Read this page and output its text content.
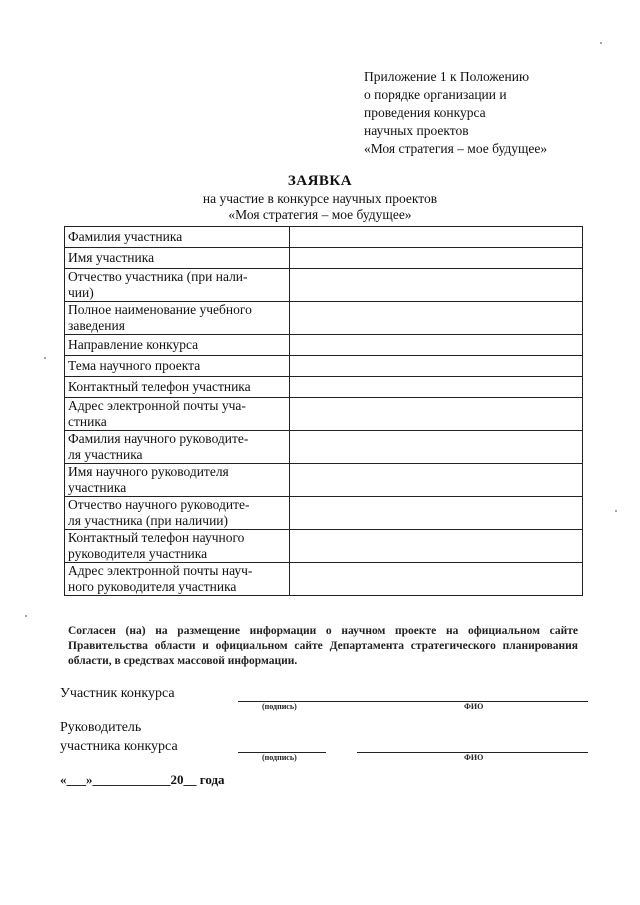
Приложение 1 к Положению
о порядке организации и
проведения конкурса
научных проектов
«Моя стратегия – мое будущее»
ЗАЯВКА
на участие в конкурсе научных проектов
«Моя стратегия – мое будущее»
Фамилия участника	

Имя участника	

Отчество участника (при нали-
чии)	

Полное наименование учебного
заведения	

Направление конкурса	

Тема научного проекта	

Контактный телефон участника	

Адрес электронной почты уча-
стника	

Фамилия научного руководите-
ля участника	

Имя научного руководителя
участника	

Отчество научного руководите-
ля участника (при наличии)	

Контактный телефон научного
руководителя участника	

Адрес электронной почты науч-
ного руководителя участника	

Согласен (на) на размещение информации о научном проекте на официальном сайте Правительства области и официальном сайте Департамента стратегического планирования области, в средствах массовой информации.
Участник конкурса
(подпись)	ФИО
Руководитель
участника конкурса
(подпись)	ФИО
«___»____________20__ года
